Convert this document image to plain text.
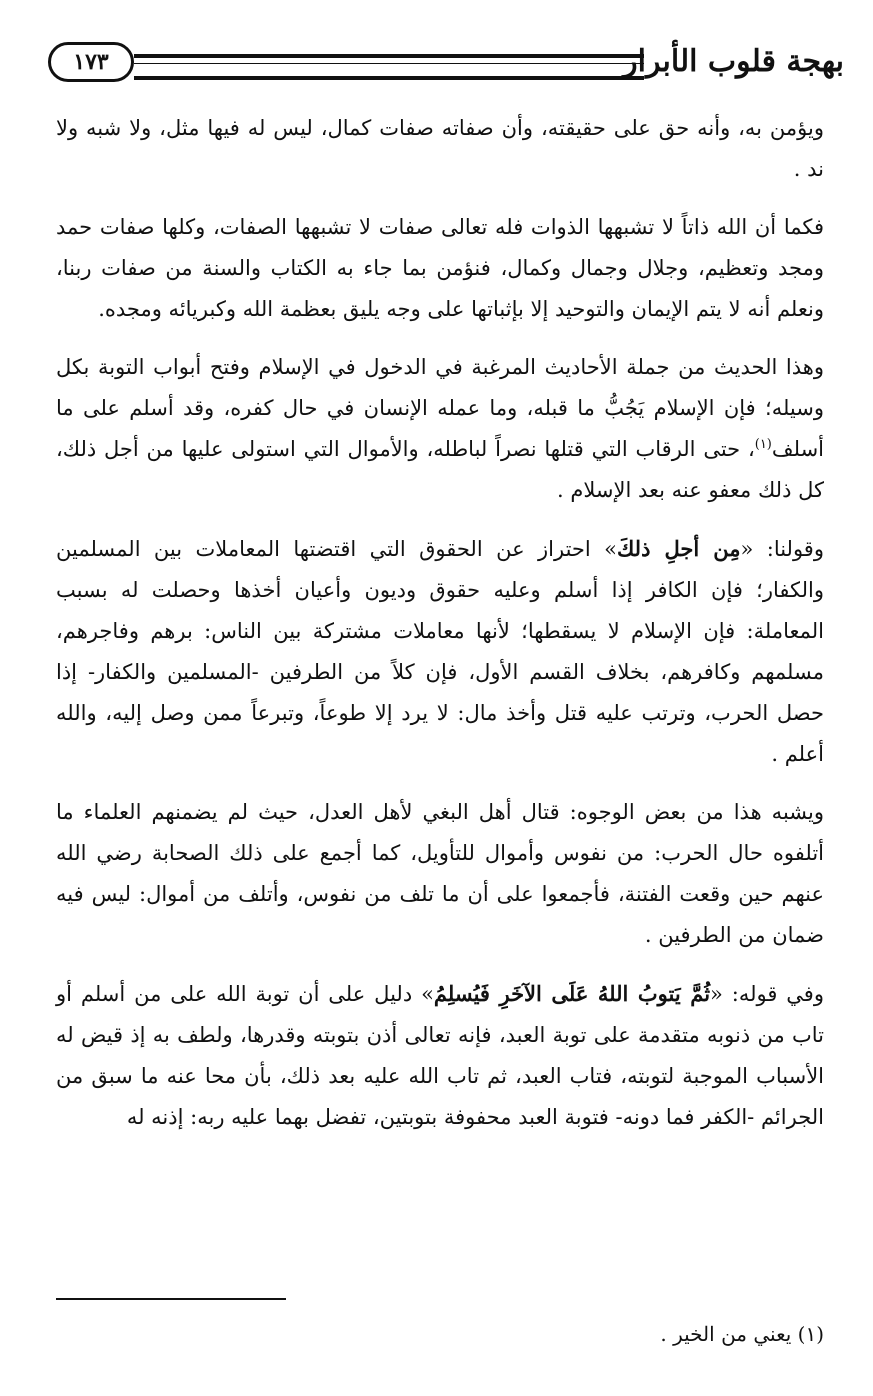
١٧٣	بهجة قلوب الأبرار

ويؤمن به، وأنه حق على حقيقته، وأن صفاته صفات كمال، ليس له فيها مثل، ولا شبه ولا ند .

فكما أن الله ذاتاً لا تشبهها الذوات فله تعالى صفات لا تشبهها الصفات، وكلها صفات حمد ومجد وتعظيم، وجلال وجمال وكمال، فنؤمن بما جاء به الكتاب والسنة من صفات ربنا، ونعلم أنه لا يتم الإيمان والتوحيد إلا بإثباتها على وجه يليق بعظمة الله وكبريائه ومجده.

وهذا الحديث من جملة الأحاديث المرغبة في الدخول في الإسلام وفتح أبواب التوبة بكل وسيله؛ فإن الإسلام يَجُبُّ ما قبله، وما عمله الإنسان في حال كفره، وقد أسلم على ما أسلف$^{(١)}$، حتى الرقاب التي قتلها نصراً لباطله، والأموال التي استولى عليها من أجل ذلك، كل ذلك معفو عنه بعد الإسلام .

وقولنا: «مِن أجلِ ذلكَ» احتراز عن الحقوق التي اقتضتها المعاملات بين المسلمين والكفار؛ فإن الكافر إذا أسلم وعليه حقوق وديون وأعيان أخذها وحصلت له بسبب المعاملة: فإن الإسلام لا يسقطها؛ لأنها معاملات مشتركة بين الناس: برهم وفاجرهم، مسلمهم وكافرهم، بخلاف القسم الأول، فإن كلاً من الطرفين -المسلمين والكفار- إذا حصل الحرب، وترتب عليه قتل وأخذ مال: لا يرد إلا طوعاً، وتبرعاً ممن وصل إليه، والله أعلم .

ويشبه هذا من بعض الوجوه: قتال أهل البغي لأهل العدل، حيث لم يضمنهم العلماء ما أتلفوه حال الحرب: من نفوس وأموال للتأويل، كما أجمع على ذلك الصحابة رضي الله عنهم حين وقعت الفتنة، فأجمعوا على أن ما تلف من نفوس، وأتلف من أموال: ليس فيه ضمان من الطرفين .

وفي قوله: «ثُمَّ يَتوبُ اللهُ عَلَى الآخَرِ فَيُسلِمُ» دليل على أن توبة الله على من أسلم أو تاب من ذنوبه متقدمة على توبة العبد، فإنه تعالى أذن بتوبته وقدرها، ولطف به إذ قيض له الأسباب الموجبة لتوبته، فتاب العبد، ثم تاب الله عليه بعد ذلك، بأن محا عنه ما سبق من الجرائم -الكفر فما دونه- فتوبة العبد محفوفة بتوبتين، تفضل بهما عليه ربه: إذنه له

(١) يعني من الخير .
